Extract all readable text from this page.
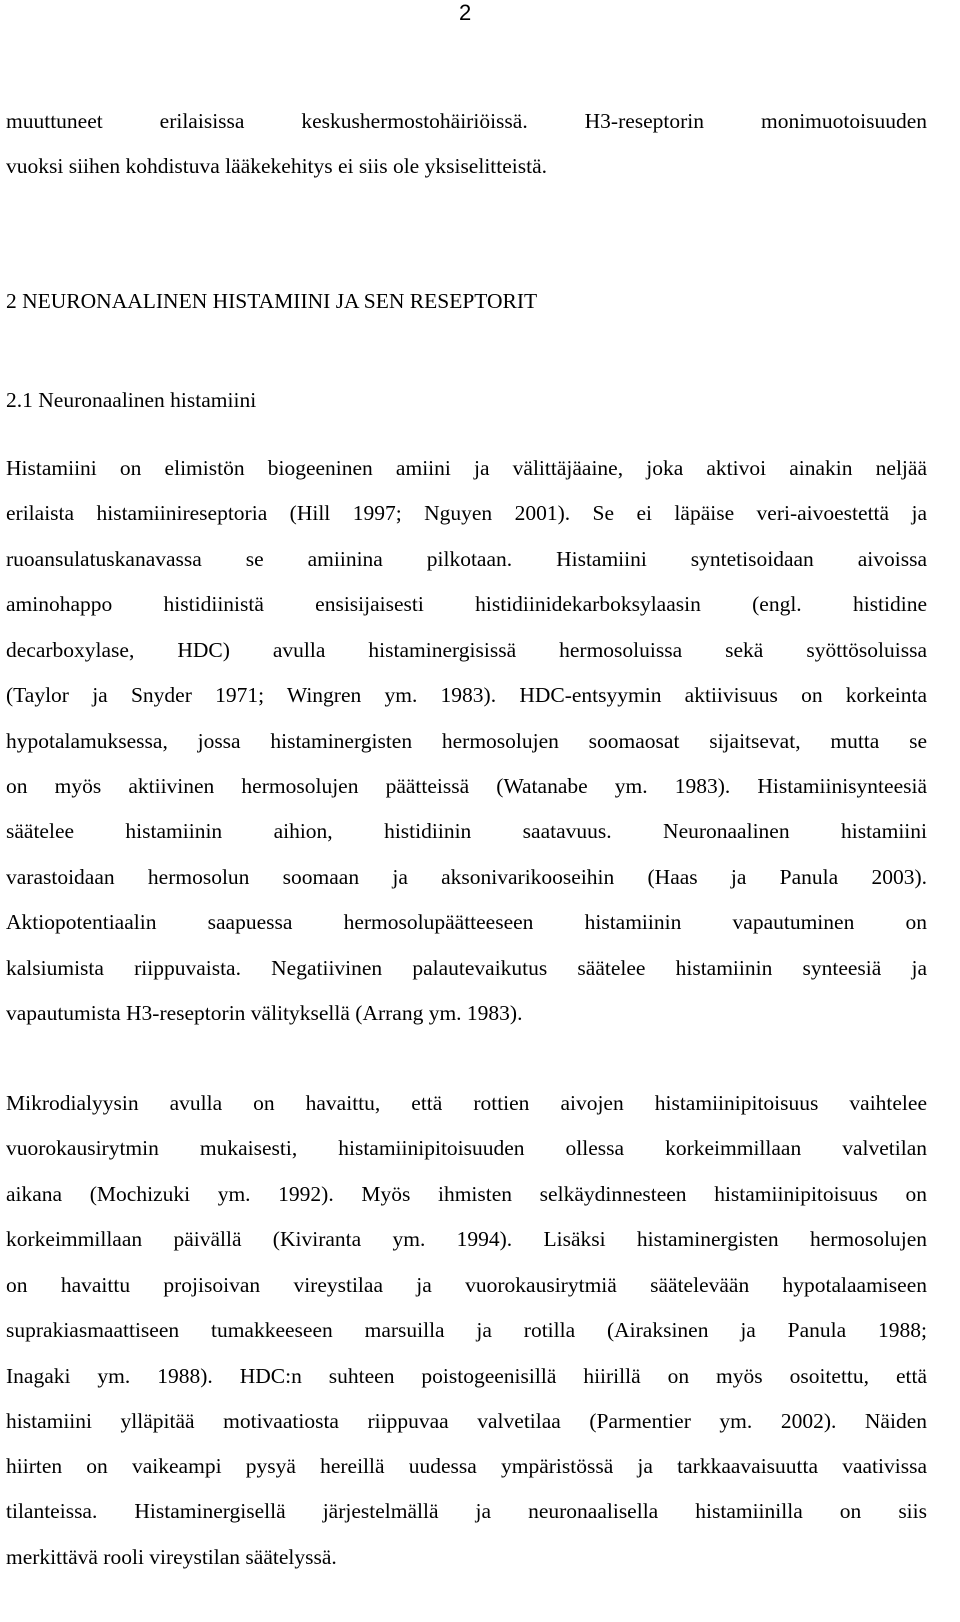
2
muuttuneet erilaisissa keskushermostohäiriöissä. H3-reseptorin monimuotoisuuden
vuoksi siihen kohdistuva lääkekehitys ei siis ole yksiselitteistä.
2 NEURONAALINEN HISTAMIINI JA SEN RESEPTORIT
2.1 Neuronaalinen histamiini
Histamiini on elimistön biogeeninen amiini ja välittäjäaine, joka aktivoi ainakin neljää
erilaista histamiinireseptoria (Hill 1997; Nguyen 2001). Se ei läpäise veri-aivoestettä ja
ruoansulatuskanavassa se amiinina pilkotaan. Histamiini syntetisoidaan aivoissa
aminohappo histidiinistä ensisijaisesti histidiinidekarboksylaasin (engl. histidine
decarboxylase, HDC) avulla histaminergisissä hermosoluissa sekä syöttösoluissa
(Taylor ja Snyder 1971; Wingren ym. 1983). HDC-entsyymin aktiivisuus on korkeinta
hypotalamuksessa, jossa histaminergisten hermosolujen soomaosat sijaitsevat, mutta se
on myös aktiivinen hermosolujen päätteissä (Watanabe ym. 1983). Histamiinisynteesiä
säätelee histamiinin aihion, histidiinin saatavuus. Neuronaalinen histamiini
varastoidaan hermosolun soomaan ja aksonivarikooseihin (Haas ja Panula 2003).
Aktiopotentiaalin saapuessa hermosolupäätteeseen histamiinin vapautuminen on
kalsiumista riippuvaista. Negatiivinen palautevaikutus säätelee histamiinin synteesiä ja
vapautumista H3-reseptorin välityksellä (Arrang ym. 1983).
Mikrodialyysin avulla on havaittu, että rottien aivojen histamiinipitoisuus vaihtelee
vuorokausirytmin mukaisesti, histamiinipitoisuuden ollessa korkeimmillaan valvetilan
aikana (Mochizuki ym. 1992). Myös ihmisten selkäydinnesteen histamiinipitoisuus on
korkeimmillaan päivällä (Kiviranta ym. 1994). Lisäksi histaminergisten hermosolujen
on havaittu projisoivan vireystilaa ja vuorokausirytmiä säätelevään hypotalaamiseen
suprakiasmaattiseen tumakkeeseen marsuilla ja rotilla (Airaksinen ja Panula 1988;
Inagaki ym. 1988). HDC:n suhteen poistogeenisillä hiirillä on myös osoitettu, että
histamiini ylläpitää motivaatiosta riippuvaa valvetilaa (Parmentier ym. 2002). Näiden
hiirten on vaikeampi pysyä hereillä uudessa ympäristössä ja tarkkaavaisuutta vaativissa
tilanteissa. Histaminergisellä järjestelmällä ja neuronaalisella histamiinilla on siis
merkittävä rooli vireystilan säätelyssä.
